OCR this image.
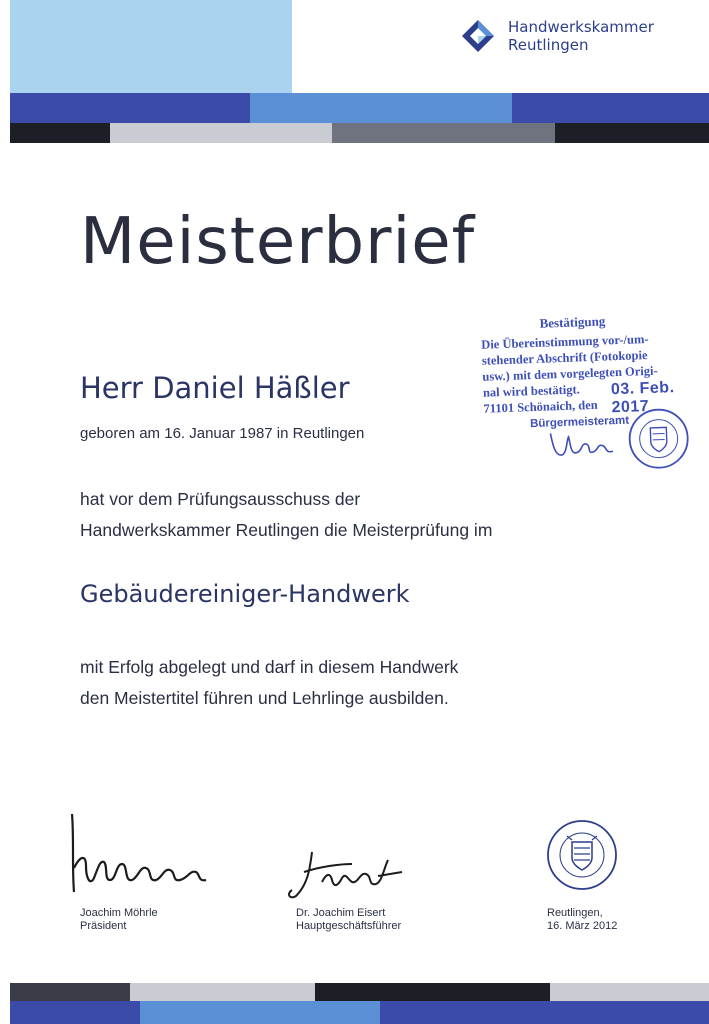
Handwerkskammer
Reutlingen
Meisterbrief
Bestätigung
Die Übereinstimmung vor-/um-
stehender Abschrift (Fotokopie
usw.) mit dem vorgelegten Origi-
nal wird bestätigt.
71101 Schönaich, den
03. Feb. 2017
Bürgermeisteramt
Herr Daniel Häßler
geboren am 16. Januar 1987 in Reutlingen
hat vor dem Prüfungsausschuss der
Handwerkskammer Reutlingen die Meisterprüfung im
Gebäudereiniger-Handwerk
mit Erfolg abgelegt und darf in diesem Handwerk
den Meistertitel führen und Lehrlinge ausbilden.
Joachim Möhrle
Präsident
Dr. Joachim Eisert
Hauptgeschäftsführer
Reutlingen,
16. März 2012
